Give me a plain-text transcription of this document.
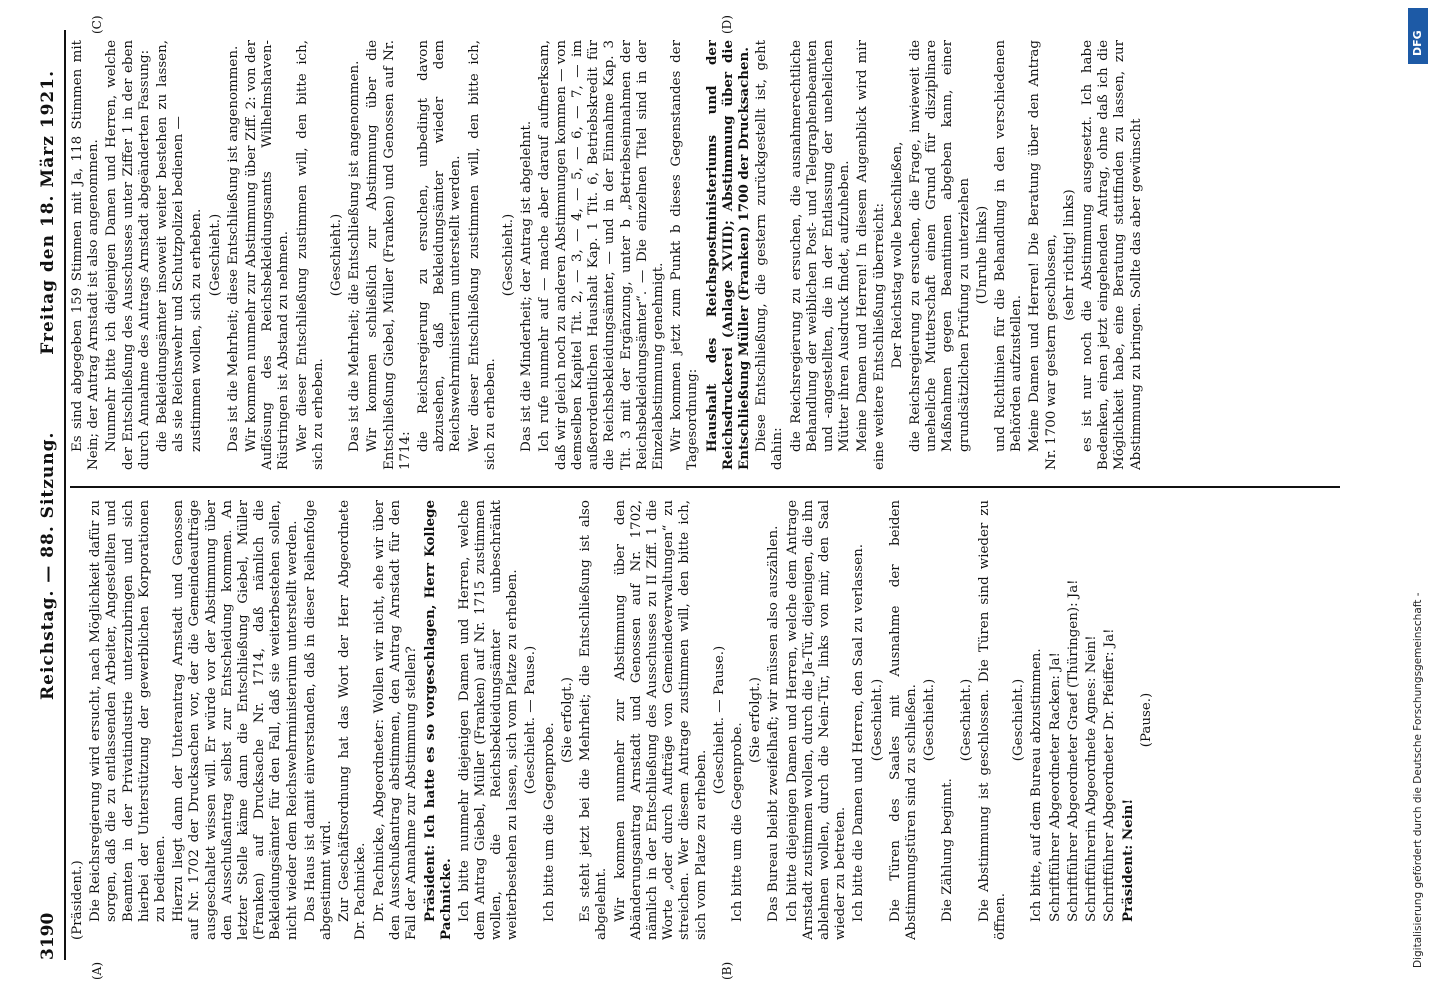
3190
Reichstag. — 88. Sitzung.
Freitag den 18. März 1921.
(A)	(B)
(C)	(D)

(Präsident.) Die Reichsregierung wird ersucht, nach Möglichkeit dafür zu sorgen, daß die zu entlassenden Arbeiter, Angestellten und Beamten in der Privatindustrie unterzubringen und sich hierbei der Unterstützung der gewerblichen Korporationen zu bedienen. Hierzu liegt dann der Unterantrag Arnstadt und Genossen auf Nr. 1702 der Drucksachen vor, der die Gemeindeaufträge ausgeschaltet wissen will. Er würde vor der Abstimmung über den Ausschußantrag selbst zur Entscheidung kommen. An letzter Stelle käme dann die Entschließung Giebel, Müller (Franken) auf Drucksache Nr. 1714, daß nämlich die Bekleidungsämter für den Fall, daß sie weiterbestehen sollen, nicht wieder dem Reichswehrministerium unterstellt werden. Das Haus ist damit einverstanden, daß in dieser Reihenfolge abgestimmt wird. Zur Geschäftsordnung hat das Wort der Herr Abgeordnete Dr. Pachnicke. Dr. Pachnicke, Abgeordneter: Wollen wir nicht, ehe wir über den Ausschußantrag abstimmen, den Antrag Arnstadt für den Fall der Annahme zur Abstimmung stellen? Präsident: Ich hatte es so vorgeschlagen, Herr Kollege Pachnicke. Ich bitte nunmehr diejenigen Damen und Herren, welche dem Antrag Giebel, Müller (Franken) auf Nr. 1715 zustimmen wollen, die Reichsbekleidungsämter unbeschränkt weiterbestehen zu lassen, sich vom Platze zu erheben. (Geschieht. — Pause.)

Ich bitte um die Gegenprobe.

(Sie erfolgt.) Es steht jetzt bei die Mehrheit; die Entschließung ist also abgelehnt. Wir kommen nunmehr zur Abstimmung über den Abänderungsantrag Arnstadt und Genossen auf Nr. 1702, nämlich in der Entschließung des Ausschusses zu II Ziff. 1 die Worte „oder durch Aufträge von Gemeindeverwaltungen“ zu streichen. Wer diesem Antrage zustimmen will, den bitte ich, sich vom Platze zu erheben.

(Geschieht. — Pause.)

Ich bitte um die Gegenprobe.

(Sie erfolgt.) Das Bureau bleibt zweifelhaft; wir müssen also auszählen. Ich bitte diejenigen Damen und Herren, welche dem Antrage Arnstadt zustimmen wollen, durch die Ja-Tür, diejenigen, die ihn ablehnen wollen, durch die Nein-Tür, links von mir, den Saal wieder zu betreten. Ich bitte die Damen und Herren, den Saal zu verlassen. (Geschieht.) Die Türen des Saales mit Ausnahme der beiden Abstimmungstüren sind zu schließen. (Geschieht.)

Die Zählung beginnt.

(Geschieht.) Die Abstimmung ist geschlossen. Die Türen sind wieder zu öffnen.

(Geschieht.) Ich bitte, auf dem Bureau abzustimmen. Schriftführer Abgeordneter Racken: Ja! Schriftführer Abgeordneter Graef (Thüringen): Ja! Schriftführerin Abgeordnete Agnes: Nein! Schriftführer Abgeordneter Dr. Pfeiffer: Ja! Präsident: Nein!

(Pause.)

Es sind abgegeben 159 Stimmen mit Ja, 118 Stimmen mit Nein; der Antrag Arnstadt ist also angenommen. Nunmehr bitte ich diejenigen Damen und Herren, welche der Entschließung des Ausschusses unter Ziffer 1 in der eben durch Annahme des Antrags Arnstadt abgeänderten Fassung: die Bekleidungsämter insoweit weiter bestehen zu lassen, als sie Reichswehr und Schutzpolizei bedienen — zustimmen wollen, sich zu erheben. (Geschieht.) Das ist die Mehrheit; diese Entschließung ist angenommen. Wir kommen nunmehr zur Abstimmung über Ziff. 2: von der Auflösung des Reichsbekleidungsamts Wilhelmshaven-Rüstringen ist Abstand zu nehmen. Wer dieser Entschließung zustimmen will, den bitte ich, sich zu erheben.

(Geschieht.) Das ist die Mehrheit; die Entschließung ist angenommen. Wir kommen schließlich zur Abstimmung über die Entschließung Giebel, Müller (Franken) und Genossen auf Nr. 1714: die Reichsregierung zu ersuchen, unbedingt davon abzusehen, daß Bekleidungsämter wieder dem Reichswehrministerium unterstellt werden. Wer dieser Entschließung zustimmen will, den bitte ich, sich zu erheben.

(Geschieht.) Das ist die Minderheit; der Antrag ist abgelehnt. Ich rufe nunmehr auf — mache aber darauf aufmerksam, daß wir gleich noch zu anderen Abstimmungen kommen — von demselben Kapitel Tit. 2, — 3, — 4, — 5, — 6, — 7, — im außerordentlichen Haushalt Kap. 1 Tit. 6, Betriebskredit für die Reichsbekleidungsämter, — und in der Einnahme Kap. 3 Tit. 3 mit der Ergänzung, unter b „Betriebseinnahmen der Reichsbekleidungsämter“. — Die einzelnen Titel sind in der Einzelabstimmung genehmigt. Wir kommen jetzt zum Punkt b dieses Gegenstandes der Tagesordnung: Haushalt des Reichspostministeriums und der Reichsdruckerei (Anlage XVIII); Abstimmung über die Entschließung Müller (Franken) 1700 der Drucksachen. Diese Entschließung, die gestern zurückgestellt ist, geht dahin: die Reichsregierung zu ersuchen, die ausnahmerechtliche Behandlung der weiblichen Post- und Telegraphenbeamten und -angestellten, die in der Entlassung der unehelichen Mütter ihren Ausdruck findet, aufzuheben. Meine Damen und Herren! In diesem Augenblick wird mir eine weitere Entschließung überreicht: Der Reichstag wolle beschließen, die Reichsregierung zu ersuchen, die Frage, inwieweit die uneheliche Mutterschaft einen Grund für disziplinare Maßnahmen gegen Beamtinnen abgeben kann, einer grundsätzlichen Prüfung zu unterziehen (Unruhe links) und Richtlinien für die Behandlung in den verschiedenen Behörden aufzustellen. Meine Damen und Herren! Die Beratung über den Antrag Nr. 1700 war gestern geschlossen, (sehr richtig! links) es ist nur noch die Abstimmung ausgesetzt. Ich habe Bedenken, einen jetzt eingehenden Antrag, ohne daß ich die Möglichkeit habe, eine Beratung stattfinden zu lassen, zur Abstimmung zu bringen. Sollte das aber gewünscht

DFG
Digitalisierung gefördert durch die Deutsche Forschungsgemeinschaft -
